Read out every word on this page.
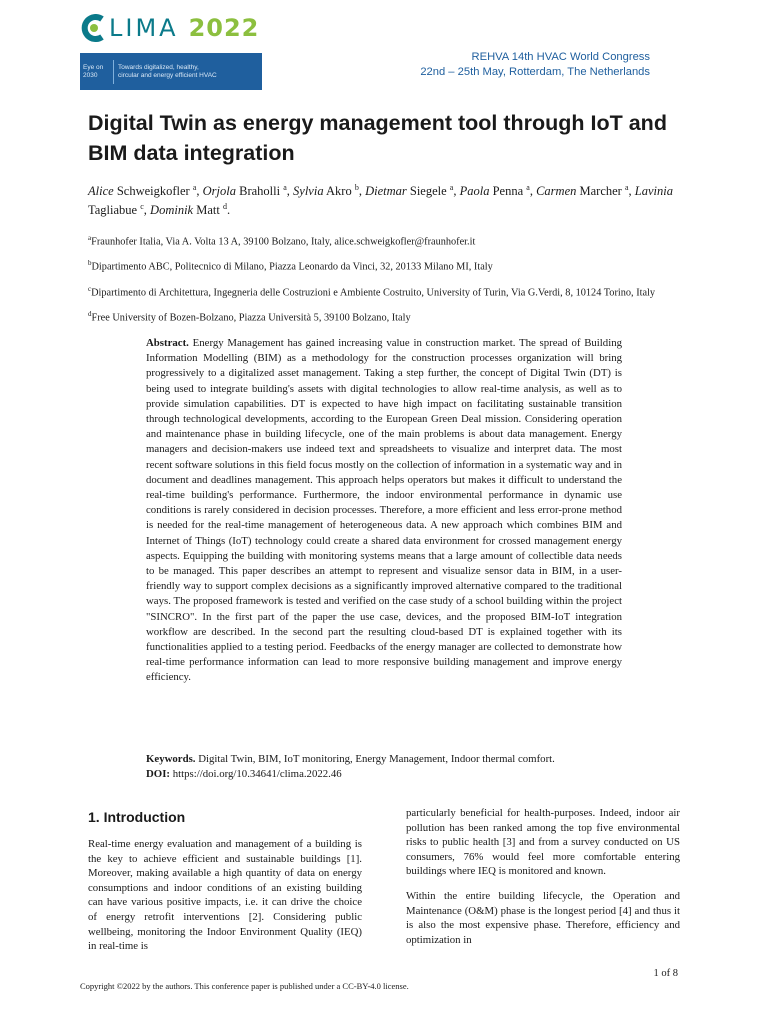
LIMA 2022
Eye on
2030
Towards digitalized, healthy,
circular and energy efficient HVAC
REHVA 14th HVAC World Congress
22nd – 25th May, Rotterdam, The Netherlands
Digital Twin as energy management tool through IoT and BIM data integration

Alice Schweigkofler $^a$, Orjola Braholli $^a$, Sylvia Akro $^b$, Dietmar Siegele $^a$, Paola Penna $^a$, Carmen Marcher $^a$, Lavinia Tagliabue $^c$, Dominik Matt $^d$.

$^a$Fraunhofer Italia, Via A. Volta 13 A, 39100 Bolzano, Italy, alice.schweigkofler@fraunhofer.it

$^b$Dipartimento ABC, Politecnico di Milano, Piazza Leonardo da Vinci, 32, 20133 Milano MI, Italy

$^c$Dipartimento di Architettura, Ingegneria delle Costruzioni e Ambiente Costruito, University of Turin, Via G.Verdi, 8, 10124 Torino, Italy

$^d$Free University of Bozen-Bolzano, Piazza Università 5, 39100 Bolzano, Italy

Abstract. Energy Management has gained increasing value in construction market. The spread of Building Information Modelling (BIM) as a methodology for the construction processes organization will bring progressively to a digitalized asset management. Taking a step further, the concept of Digital Twin (DT) is being used to integrate building's assets with digital technologies to allow real-time analysis, as well as to provide simulation capabilities. DT is expected to have high impact on facilitating sustainable transition through technological developments, according to the European Green Deal mission. Considering operation and maintenance phase in building lifecycle, one of the main problems is about data management. Energy managers and decision-makers use indeed text and spreadsheets to visualize and interpret data. The most recent software solutions in this field focus mostly on the collection of information in a systematic way and in document and deadlines management. This approach helps operators but makes it difficult to understand the real-time building's performance. Furthermore, the indoor environmental performance in dynamic use conditions is rarely considered in decision processes. Therefore, a more efficient and less error-prone method is needed for the real-time management of heterogeneous data. A new approach which combines BIM and Internet of Things (IoT) technology could create a shared data environment for crossed management energy aspects. Equipping the building with monitoring systems means that a large amount of collectible data needs to be managed. This paper describes an attempt to represent and visualize sensor data in BIM, in a user-friendly way to support complex decisions as a significantly improved alternative compared to the traditional ways. The proposed framework is tested and verified on the case study of a school building within the project "SINCRO". In the first part of the paper the use case, devices, and the proposed BIM-IoT integration workflow are described. In the second part the resulting cloud-based DT is explained together with its functionalities applied to a testing period. Feedbacks of the energy manager are collected to demonstrate how real-time performance information can lead to more responsive building management and improve energy efficiency.

Keywords. Digital Twin, BIM, IoT monitoring, Energy Management, Indoor thermal comfort.

DOI: https://doi.org/10.34641/clima.2022.46

1. Introduction

Real-time energy evaluation and management of a building is the key to achieve efficient and sustainable buildings [1]. Moreover, making available a high quantity of data on energy consumptions and indoor conditions of an existing building can have various positive impacts, i.e. it can drive the choice of energy retrofit interventions [2]. Considering public wellbeing, monitoring the Indoor Environment Quality (IEQ) in real-time is

particularly beneficial for health-purposes. Indeed, indoor air pollution has been ranked among the top five environmental risks to public health [3] and from a survey conducted on US consumers, 76% would feel more comfortable entering buildings where IEQ is monitored and known.

Within the entire building lifecycle, the Operation and Maintenance (O&M) phase is the longest period [4] and thus it is also the most expensive phase. Therefore, efficiency and optimization in

1 of 8
Copyright ©2022 by the authors. This conference paper is published under a CC-BY-4.0 license.
